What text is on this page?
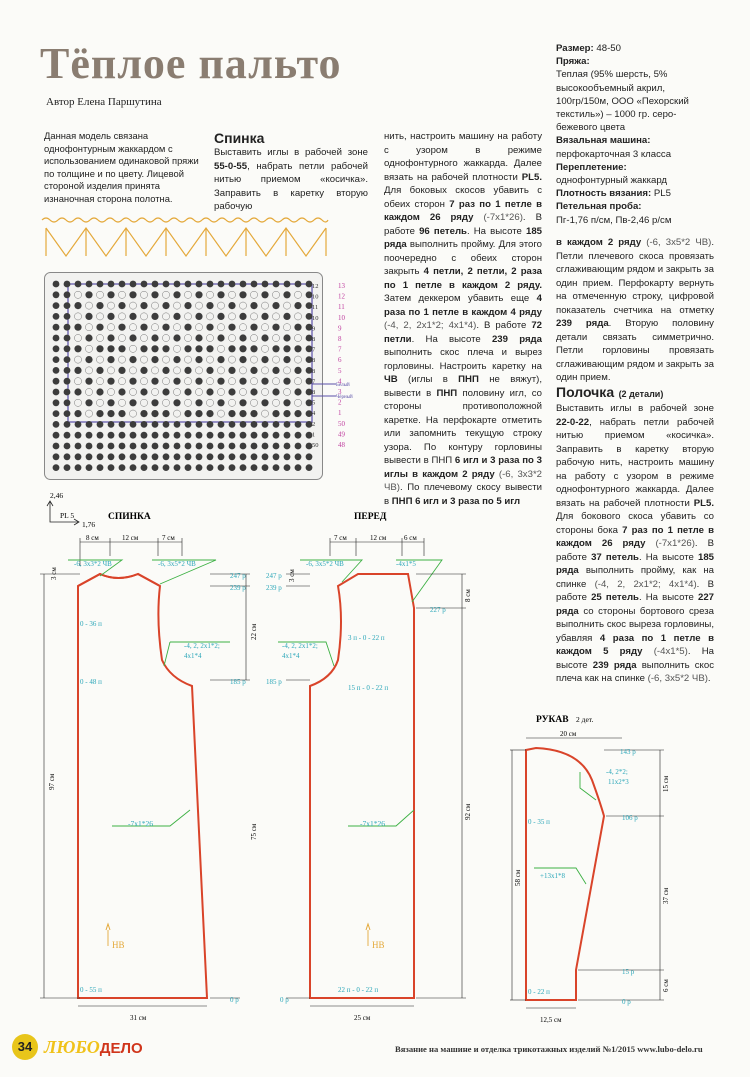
Тёплое пальто
Автор Елена Паршутина
Данная модель связана однофонтурным жаккардом с использованием одинаковой пряжи по толщине и по цвету. Лицевой стороной изделия принята изнаночная сторона полотна.
Спинка
Выставить иглы в рабочей зоне 55-0-55, набрать петли рабочей нитью приемом «косичка». Заправить в каретку вторую рабочую
нить, настроить машину на работу с узором в режиме однофонтурного жаккарда. Далее вязать на рабочей плотности PL5. Для боковых скосов убавить с обеих сторон 7 раз по 1 петле в каждом 26 ряду (-7х1*26). В работе 96 петель. На высоте 185 ряда выполнить пройму. Для этого поочередно с обеих сторон закрыть 4 петли, 2 петли, 2 раза по 1 петле в каждом 2 ряду. Затем деккером убавить еще 4 раза по 1 петле в каждом 4 ряду (-4, 2, 2х1*2; 4х1*4). В работе 72 петли. На высоте 239 ряда выполнить скос плеча и вырез горловины. Настроить каретку на ЧВ (иглы в ПНП не вяжут), вывести в ПНП половину игл, со стороны противоположной каретке. На перфокарте отметить или запомнить текущую строку узора. По контуру горловины вывести в ПНП 6 игл и 3 раза по 3 иглы в каждом 2 ряду (-6, 3х3*2 ЧВ). По плечевому скосу вывести в ПНП 6 игл и 3 раза по 5 игл
Размер: 48-50
Пряжа:
Теплая (95% шерсть, 5% высокообъемный акрил, 100гр/150м, ООО «Пехорский текстиль») – 1000 гр. серо-бежевого цвета
Вязальная машина:
перфокарточная 3 класса
Переплетение:
однофонтурный жаккард
Плотность вязания: PL5
Петельная проба:
Пг-1,76 п/см, Пв-2,46 р/см
в каждом 2 ряду (-6, 3х5*2 ЧВ). Петли плечевого скоса провязать сглаживающим рядом и закрыть за один прием. Перфокарту вернуть на отмеченную строку, цифровой показатель счетчика на отметку 239 ряда. Вторую половину детали связать симметрично. Петли горловины провязать сглаживающим рядом и закрыть за один прием.
Полочка (2 детали)
Выставить иглы в рабочей зоне 22-0-22, набрать петли рабочей нитью приемом «косичка». Заправить в каретку вторую рабочую нить, настроить машину на работу с узором в режиме однофонтурного жаккарда. Далее вязать на рабочей плотности PL5. Для бокового скоса убавить со стороны бока 7 раз по 1 петле в каждом 26 ряду (-7х1*26). В работе 37 петель. На высоте 185 ряда выполнить пройму, как на спинке (-4, 2, 2х1*2; 4х1*4). В работе 25 петель. На высоте 227 ряда со стороны бортового среза выполнить скос выреза горловины, убавляя 4 раза по 1 петле в каждом 5 ряду (-4х1*5). На высоте 239 ряда выполнить скос плеча как на спинке (-6, 3х5*2 ЧВ).
Белый
Чёрный
13
12
11
10
9
8
7
6
5
4
3
2
1
50
49
48
12
10
11
10
9
8
7
8
8
7
8
5
4
2
1
50
2,46
PL 5
1,76
СПИНКА
8 см	12 см	7 см
-6, 3х3*2 ЧВ	-6, 3х5*2 ЧВ
-4, 2, 2х1*2;
4х1*4
-7х1*26
НВ
247 р
239 р
185 р
0 р
3 см
22 см
75 см
97 см
0 - 36 п
0 - 48 п
0 - 55 п
31 см
ПЕРЕД
7 см	12 см	6 см
-6, 3х5*2 ЧВ	-4х1*5
-4, 2, 2х1*2;
4х1*4
-7х1*26
НВ
247 р
239 р
185 р
0 р
227 р
3 см
8 см
92 см
3 п - 0 - 22 п
15 п - 0 - 22 п
22 п - 0 - 22 п
25 см
РУКАВ 2 дет.
20 см
-4, 2*2;
11х2*3
+13х1*8
143 р
106 р
15 р
0 р
15 см
37 см
6 см
58 см
0 - 35 п
0 - 22 п
12,5 см
34 ЛЮБОДЕЛО	Вязание на машине и отделка трикотажных изделий №1/2015 www.lubo-delo.ru
